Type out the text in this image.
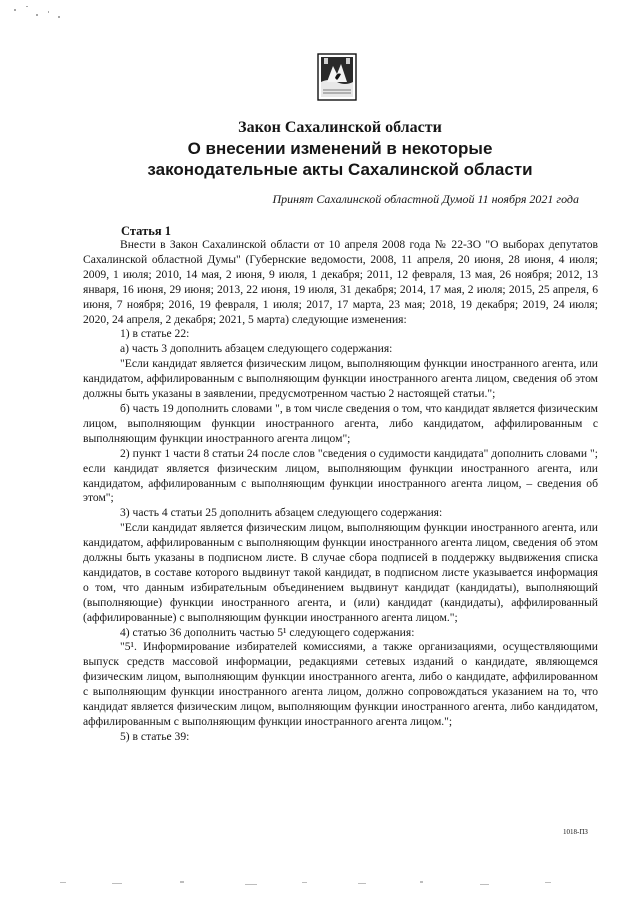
Закон Сахалинской области

О внесении изменений в некоторые

законодательные акты Сахалинской области

Принят Сахалинской областной Думой 11 ноября 2021 года
Статья 1

Внести в Закон Сахалинской области от 10 апреля 2008 года № 22-ЗО "О выборах депутатов Сахалинской областной Думы" (Губернские ведомости, 2008, 11 апреля, 20 июня, 28 июня, 4 июля; 2009, 1 июля; 2010, 14 мая, 2 июня, 9 июля, 1 декабря; 2011, 12 февраля, 13 мая, 26 ноября; 2012, 13 января, 16 июня, 29 июня; 2013, 22 июня, 19 июля, 31 декабря; 2014, 17 мая, 2 июля; 2015, 25 апреля, 6 июня, 7 ноября; 2016, 19 февраля, 1 июля; 2017, 17 марта, 23 мая; 2018, 19 декабря; 2019, 24 июля; 2020, 24 апреля, 2 декабря; 2021, 5 марта) следующие изменения:

1) в статье 22:

а) часть 3 дополнить абзацем следующего содержания:

"Если кандидат является физическим лицом, выполняющим функции иностранного агента, или кандидатом, аффилированным с выполняющим функции иностранного агента лицом, сведения об этом должны быть указаны в заявлении, предусмотренном частью 2 настоящей статьи.";

б) часть 19 дополнить словами ", в том числе сведения о том, что кандидат является физическим лицом, выполняющим функции иностранного агента, либо кандидатом, аффилированным с выполняющим функции иностранного агента лицом";

2) пункт 1 части 8 статьи 24 после слов "сведения о судимости кандидата" дополнить словами "; если кандидат является физическим лицом, выполняющим функции иностранного агента, или кандидатом, аффилированным с выполняющим функции иностранного агента лицом, – сведения об этом";

3) часть 4 статьи 25 дополнить абзацем следующего содержания:

"Если кандидат является физическим лицом, выполняющим функции иностранного агента, или кандидатом, аффилированным с выполняющим функции иностранного агента лицом, сведения об этом должны быть указаны в подписном листе. В случае сбора подписей в поддержку выдвижения списка кандидатов, в составе которого выдвинут такой кандидат, в подписном листе указывается информация о том, что данным избирательным объединением выдвинут кандидат (кандидаты), выполняющий (выполняющие) функции иностранного агента, и (или) кандидат (кандидаты), аффилированный (аффилированные) с выполняющим функции иностранного агента лицом.";

4) статью 36 дополнить частью 5¹ следующего содержания:

"5¹. Информирование избирателей комиссиями, а также организациями, осуществляющими выпуск средств массовой информации, редакциями сетевых изданий о кандидате, являющемся физическим лицом, выполняющим функции иностранного агента, либо о кандидате, аффилированном с выполняющим функции иностранного агента лицом, должно сопровождаться указанием на то, что кандидат является физическим лицом, выполняющим функции иностранного агента, либо кандидатом, аффилированным с выполняющим функции иностранного агента лицом.";

5) в статье 39:

1018-ПЗ
